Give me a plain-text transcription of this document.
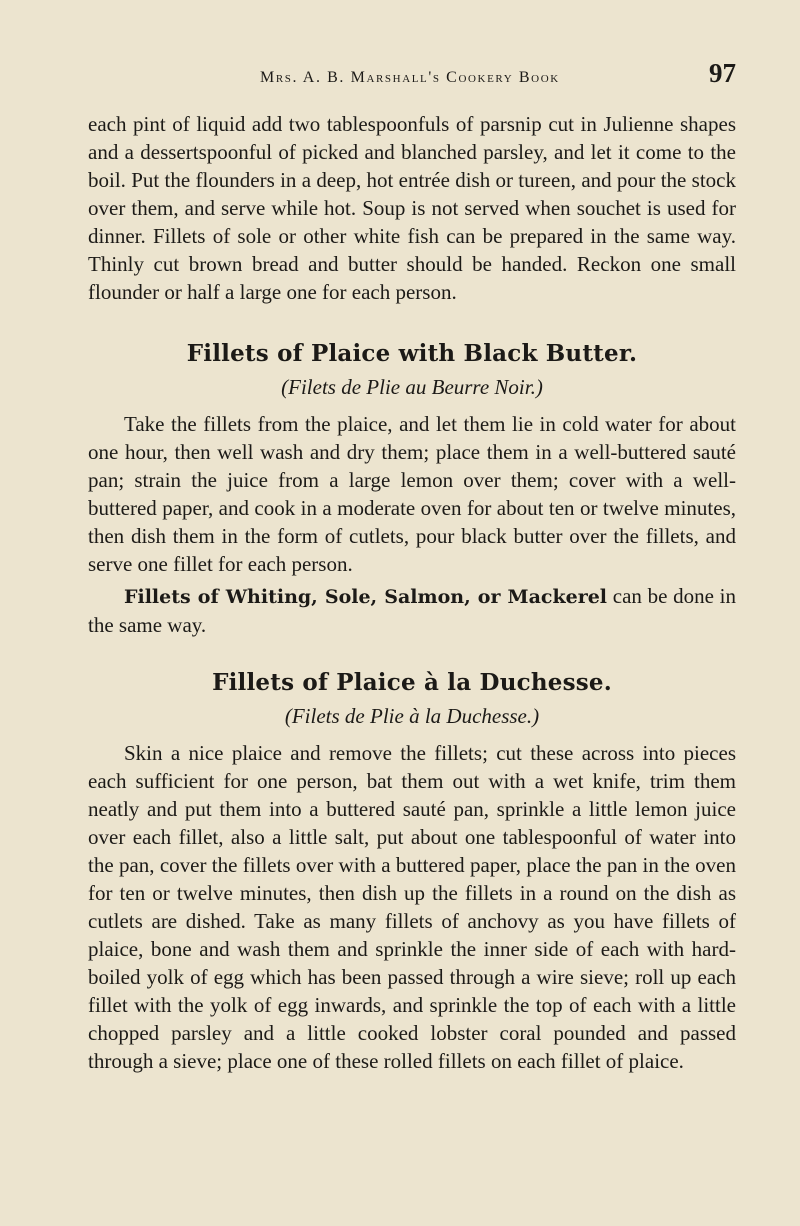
Mrs. A. B. Marshall's Cookery Book	97

each pint of liquid add two tablespoonfuls of parsnip cut in Julienne shapes and a dessertspoonful of picked and blanched parsley, and let it come to the boil. Put the flounders in a deep, hot entrée dish or tureen, and pour the stock over them, and serve while hot. Soup is not served when souchet is used for dinner. Fillets of sole or other white fish can be prepared in the same way. Thinly cut brown bread and butter should be handed. Reckon one small flounder or half a large one for each person.

Fillets of Plaice with Black Butter.
(Filets de Plie au Beurre Noir.)

Take the fillets from the plaice, and let them lie in cold water for about one hour, then well wash and dry them; place them in a well-buttered sauté pan; strain the juice from a large lemon over them; cover with a well-buttered paper, and cook in a moderate oven for about ten or twelve minutes, then dish them in the form of cutlets, pour black butter over the fillets, and serve one fillet for each person.

Fillets of Whiting, Sole, Salmon, or Mackerel can be done in the same way.

Fillets of Plaice à la Duchesse.
(Filets de Plie à la Duchesse.)

Skin a nice plaice and remove the fillets; cut these across into pieces each sufficient for one person, bat them out with a wet knife, trim them neatly and put them into a buttered sauté pan, sprinkle a little lemon juice over each fillet, also a little salt, put about one tablespoonful of water into the pan, cover the fillets over with a buttered paper, place the pan in the oven for ten or twelve minutes, then dish up the fillets in a round on the dish as cutlets are dished. Take as many fillets of anchovy as you have fillets of plaice, bone and wash them and sprinkle the inner side of each with hard-boiled yolk of egg which has been passed through a wire sieve; roll up each fillet with the yolk of egg inwards, and sprinkle the top of each with a little chopped parsley and a little cooked lobster coral pounded and passed through a sieve; place one of these rolled fillets on each fillet of plaice.
